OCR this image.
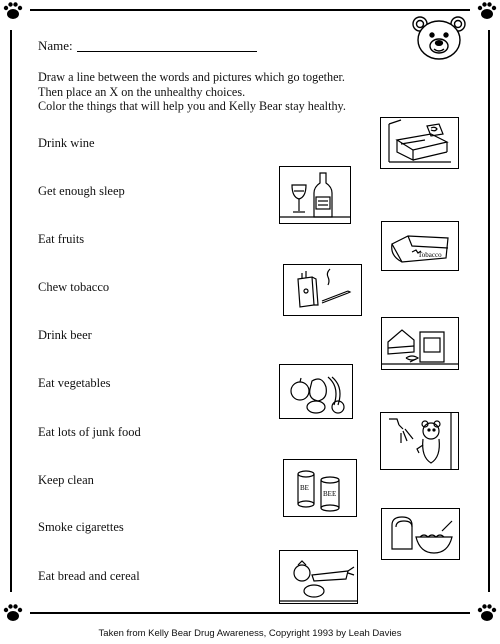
Name:
Draw a line between the words and pictures which go together.
Then place an X on the unhealthy choices.
Color the things that will help you and Kelly Bear stay healthy.
Drink wine
Get enough sleep
Eat fruits
Chew tobacco
Drink beer
Eat vegetables
Eat lots of junk food
Keep clean
Smoke cigarettes
Eat bread and cereal
Tobacco
BE
BEE
Taken from Kelly Bear Drug Awareness, Copyright 1993 by Leah Davies
